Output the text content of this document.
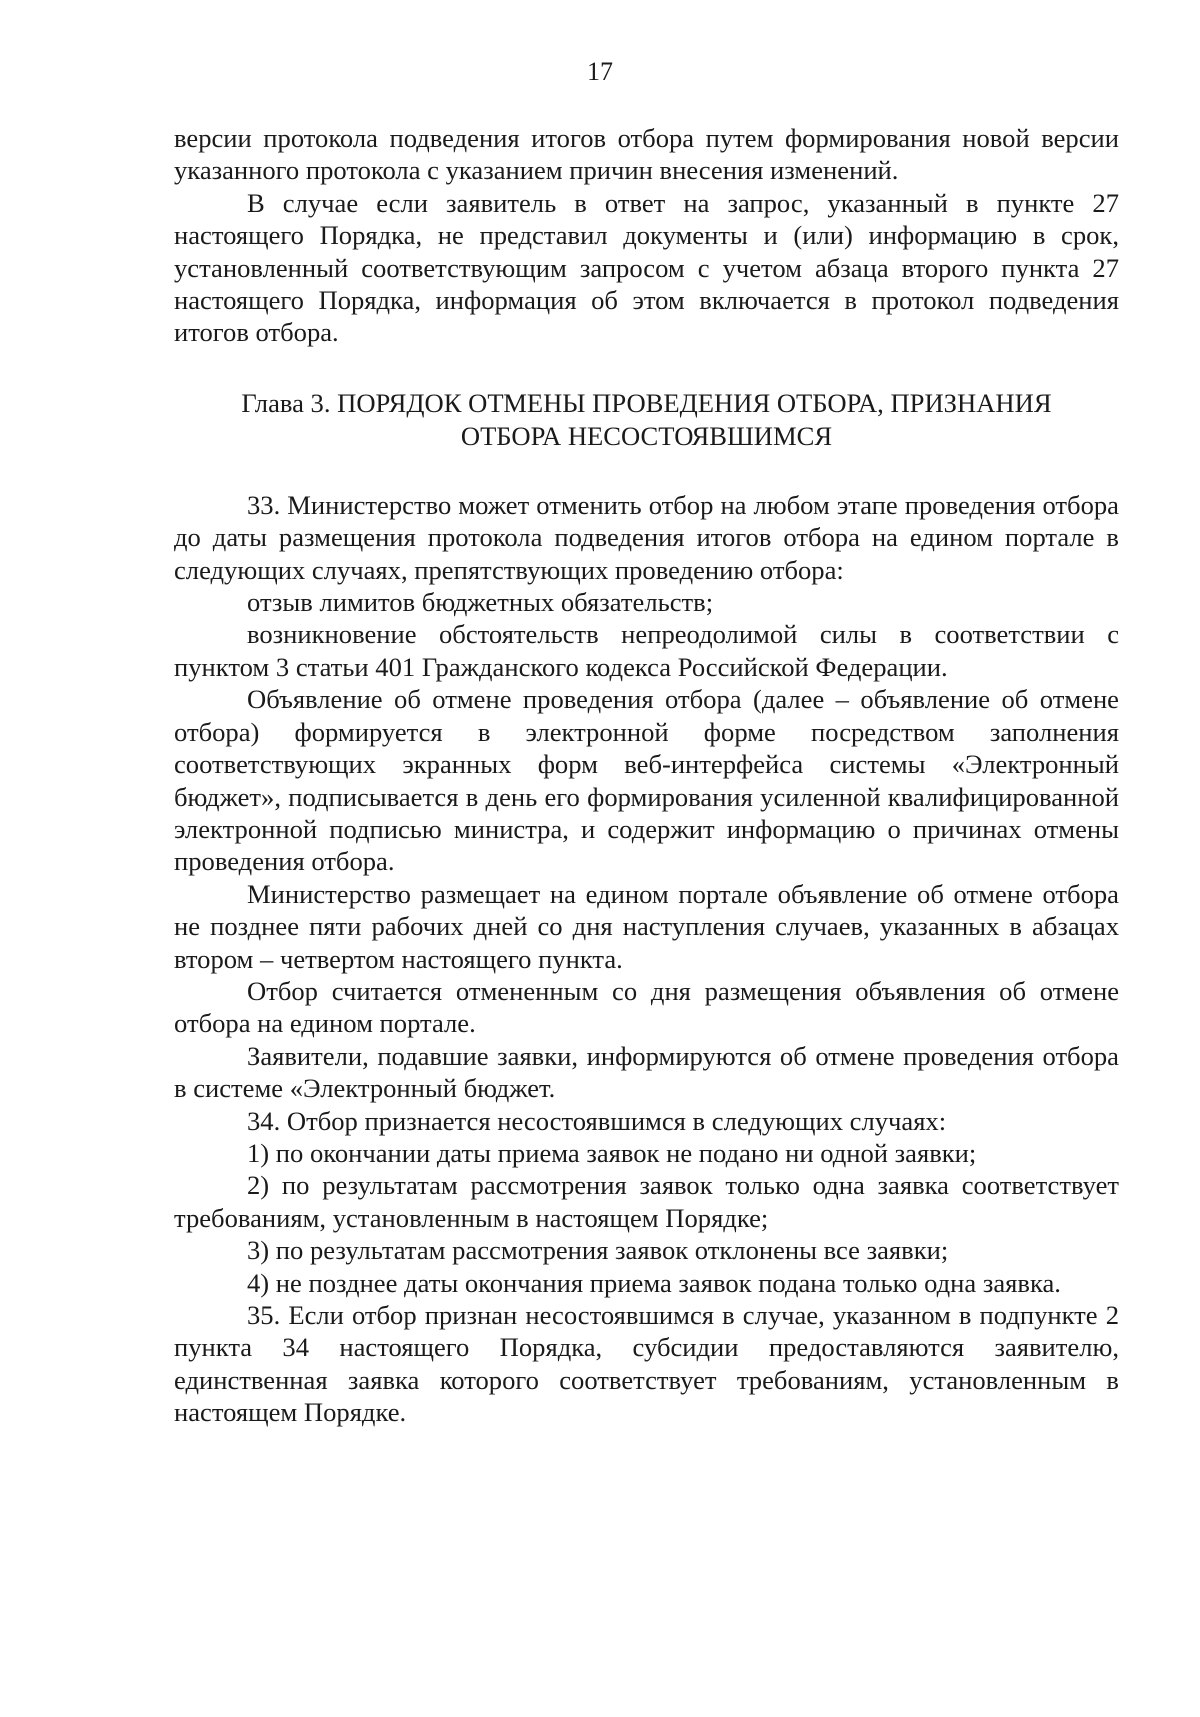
17

версии протокола подведения итогов отбора путем формирования новой версии указанного протокола с указанием причин внесения изменений.

В случае если заявитель в ответ на запрос, указанный в пункте 27 настоящего Порядка, не представил документы и (или) информацию в срок, установленный соответствующим запросом с учетом абзаца второго пункта 27 настоящего Порядка, информация об этом включается в протокол подведения итогов отбора.

Глава 3. ПОРЯДОК ОТМЕНЫ ПРОВЕДЕНИЯ ОТБОРА, ПРИЗНАНИЯ
ОТБОРА НЕСОСТОЯВШИМСЯ

33. Министерство может отменить отбор на любом этапе проведения отбора до даты размещения протокола подведения итогов отбора на едином портале в следующих случаях, препятствующих проведению отбора:

отзыв лимитов бюджетных обязательств;

возникновение обстоятельств непреодолимой силы в соответствии с пунктом 3 статьи 401 Гражданского кодекса Российской Федерации.

Объявление об отмене проведения отбора (далее – объявление об отмене отбора) формируется в электронной форме посредством заполнения соответствующих экранных форм веб-интерфейса системы «Электронный бюджет», подписывается в день его формирования усиленной квалифицированной электронной подписью министра, и содержит информацию о причинах отмены проведения отбора.

Министерство размещает на едином портале объявление об отмене отбора не позднее пяти рабочих дней со дня наступления случаев, указанных в абзацах втором – четвертом настоящего пункта.

Отбор считается отмененным со дня размещения объявления об отмене отбора на едином портале.

Заявители, подавшие заявки, информируются об отмене проведения отбора в системе «Электронный бюджет.

34. Отбор признается несостоявшимся в следующих случаях:

1) по окончании даты приема заявок не подано ни одной заявки;

2) по результатам рассмотрения заявок только одна заявка соответствует требованиям, установленным в настоящем Порядке;

3) по результатам рассмотрения заявок отклонены все заявки;

4) не позднее даты окончания приема заявок подана только одна заявка.

35. Если отбор признан несостоявшимся в случае, указанном в подпункте 2 пункта 34 настоящего Порядка, субсидии предоставляются заявителю, единственная заявка которого соответствует требованиям, установленным в настоящем Порядке.
